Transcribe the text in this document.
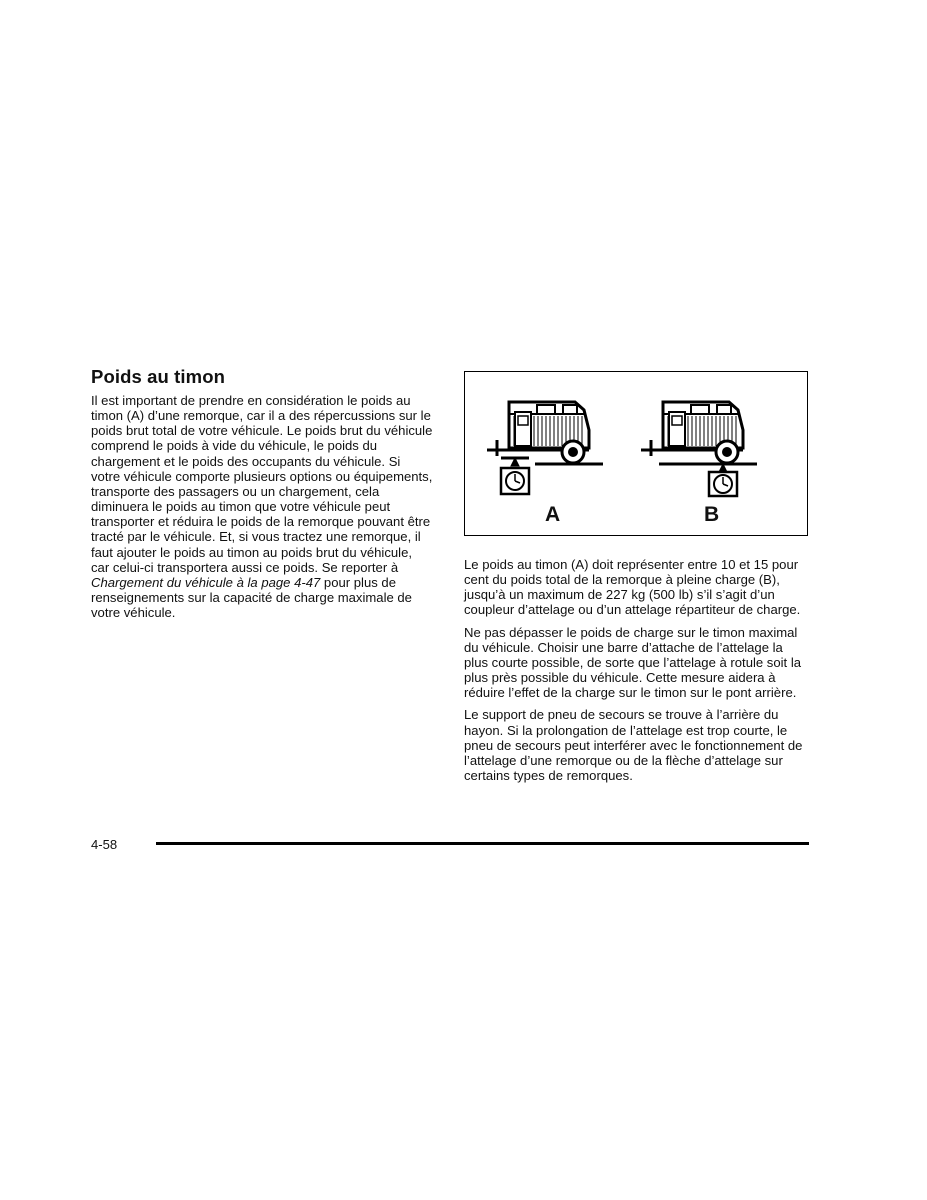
Poids au timon

Il est important de prendre en considération le poids au timon (A) d’une remorque, car il a des répercussions sur le poids brut total de votre véhicule. Le poids brut du véhicule comprend le poids à vide du véhicule, le poids du chargement et le poids des occupants du véhicule. Si votre véhicule comporte plusieurs options ou équipements, transporte des passagers ou un chargement, cela diminuera le poids au timon que votre véhicule peut transporter et réduira le poids de la remorque pouvant être tracté par le véhicule. Et, si vous tractez une remorque, il faut ajouter le poids au timon au poids brut du véhicule, car celui-ci transportera aussi ce poids. Se reporter à Chargement du véhicule à la page 4-47 pour plus de renseignements sur la capacité de charge maximale de votre véhicule.

A	B

Le poids au timon (A) doit représenter entre 10 et 15 pour cent du poids total de la remorque à pleine charge (B), jusqu’à un maximum de 227 kg (500 lb) s’il s’agit d’un coupleur d’attelage ou d’un attelage répartiteur de charge.

Ne pas dépasser le poids de charge sur le timon maximal du véhicule. Choisir une barre d’attache de l’attelage la plus courte possible, de sorte que l’attelage à rotule soit la plus près possible du véhicule. Cette mesure aidera à réduire l’effet de la charge sur le timon sur le pont arrière.

Le support de pneu de secours se trouve à l’arrière du hayon. Si la prolongation de l’attelage est trop courte, le pneu de secours peut interférer avec le fonctionnement de l’attelage d’une remorque ou de la flèche d’attelage sur certains types de remorques.

4-58
